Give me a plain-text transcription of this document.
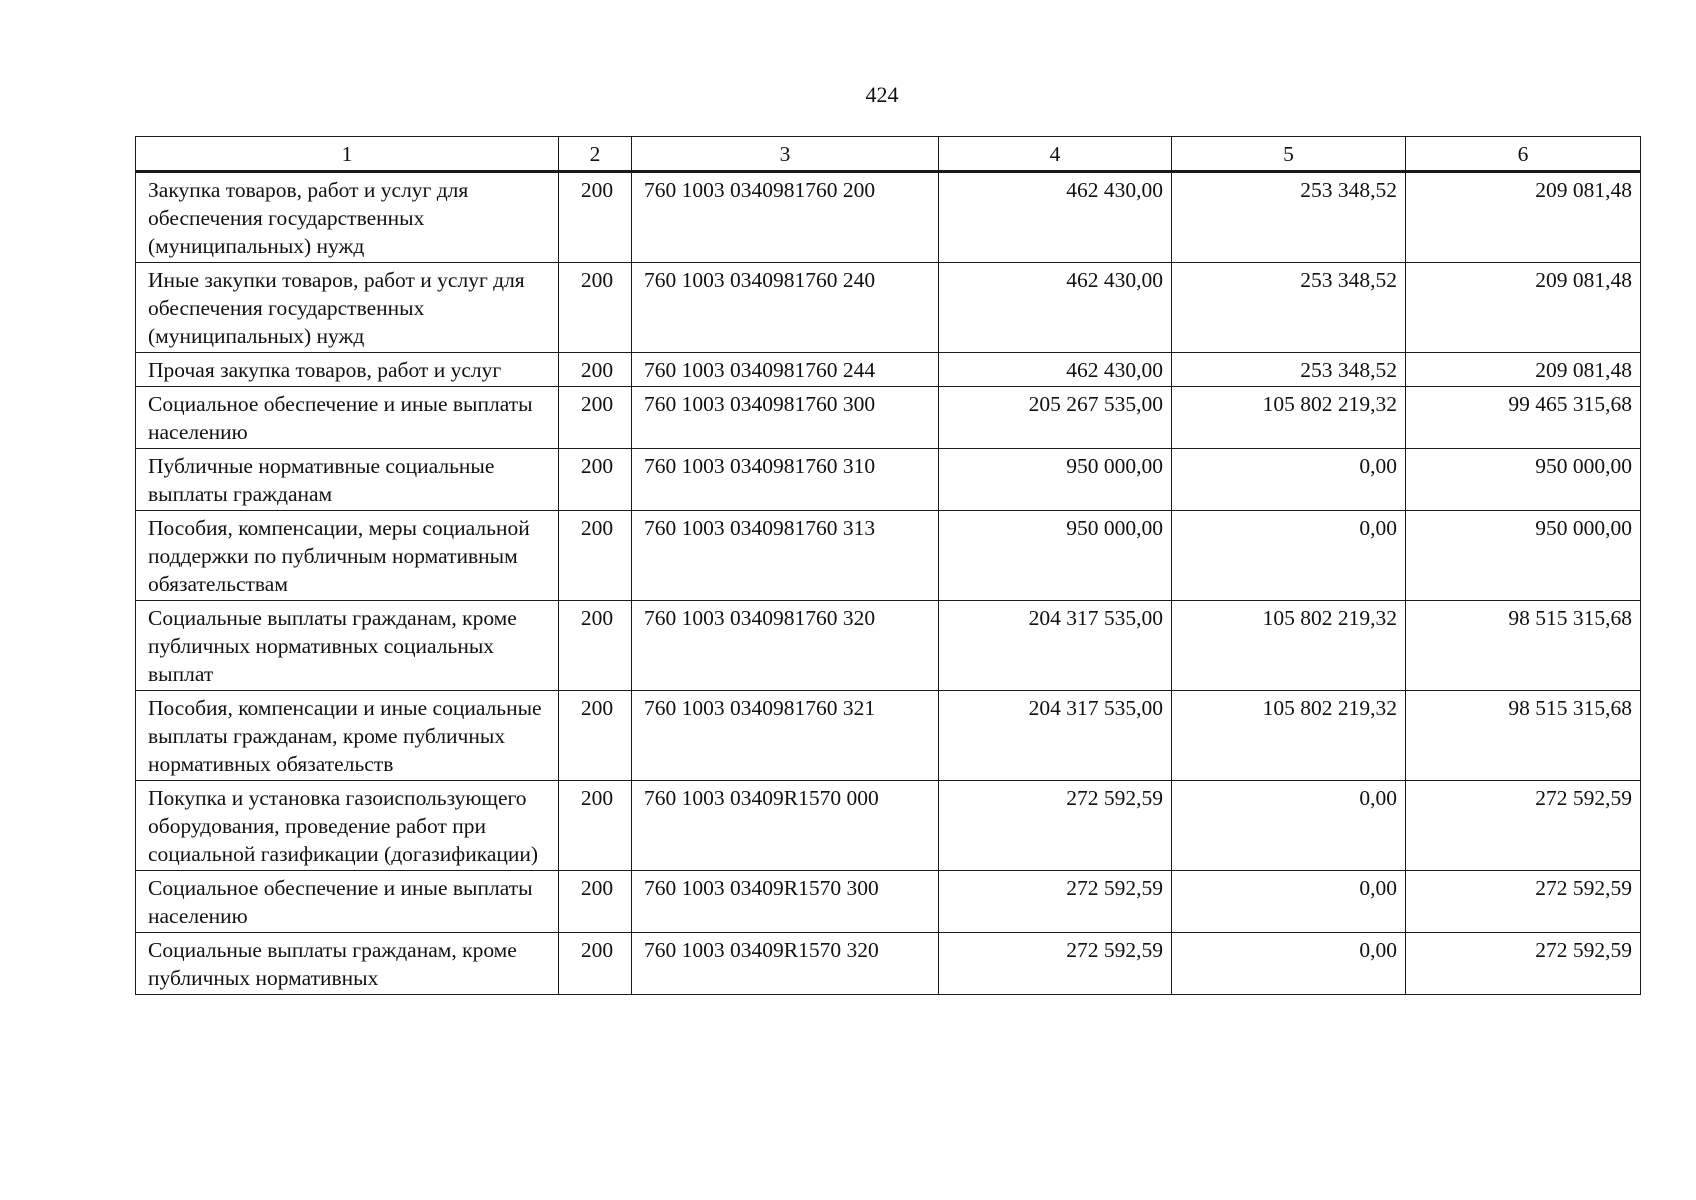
424
1	2	3	4	5	6
Закупка товаров, работ и услуг для обеспечения государственных (муниципальных) нужд	200	760 1003 0340981760 200	462 430,00	253 348,52	209 081,48
Иные закупки товаров, работ и услуг для обеспечения государственных (муниципальных) нужд	200	760 1003 0340981760 240	462 430,00	253 348,52	209 081,48
Прочая закупка товаров, работ и услуг	200	760 1003 0340981760 244	462 430,00	253 348,52	209 081,48
Социальное обеспечение и иные выплаты населению	200	760 1003 0340981760 300	205 267 535,00	105 802 219,32	99 465 315,68
Публичные нормативные социальные выплаты гражданам	200	760 1003 0340981760 310	950 000,00	0,00	950 000,00
Пособия, компенсации, меры социальной поддержки по публичным нормативным обязательствам	200	760 1003 0340981760 313	950 000,00	0,00	950 000,00
Социальные выплаты гражданам, кроме публичных нормативных социальных выплат	200	760 1003 0340981760 320	204 317 535,00	105 802 219,32	98 515 315,68
Пособия, компенсации и иные социальные выплаты гражданам, кроме публичных нормативных обязательств	200	760 1003 0340981760 321	204 317 535,00	105 802 219,32	98 515 315,68
Покупка и установка газоиспользующего оборудования, проведение работ при социальной газификации (догазификации)	200	760 1003 03409R1570 000	272 592,59	0,00	272 592,59
Социальное обеспечение и иные выплаты населению	200	760 1003 03409R1570 300	272 592,59	0,00	272 592,59
Социальные выплаты гражданам, кроме публичных нормативных	200	760 1003 03409R1570 320	272 592,59	0,00	272 592,59
